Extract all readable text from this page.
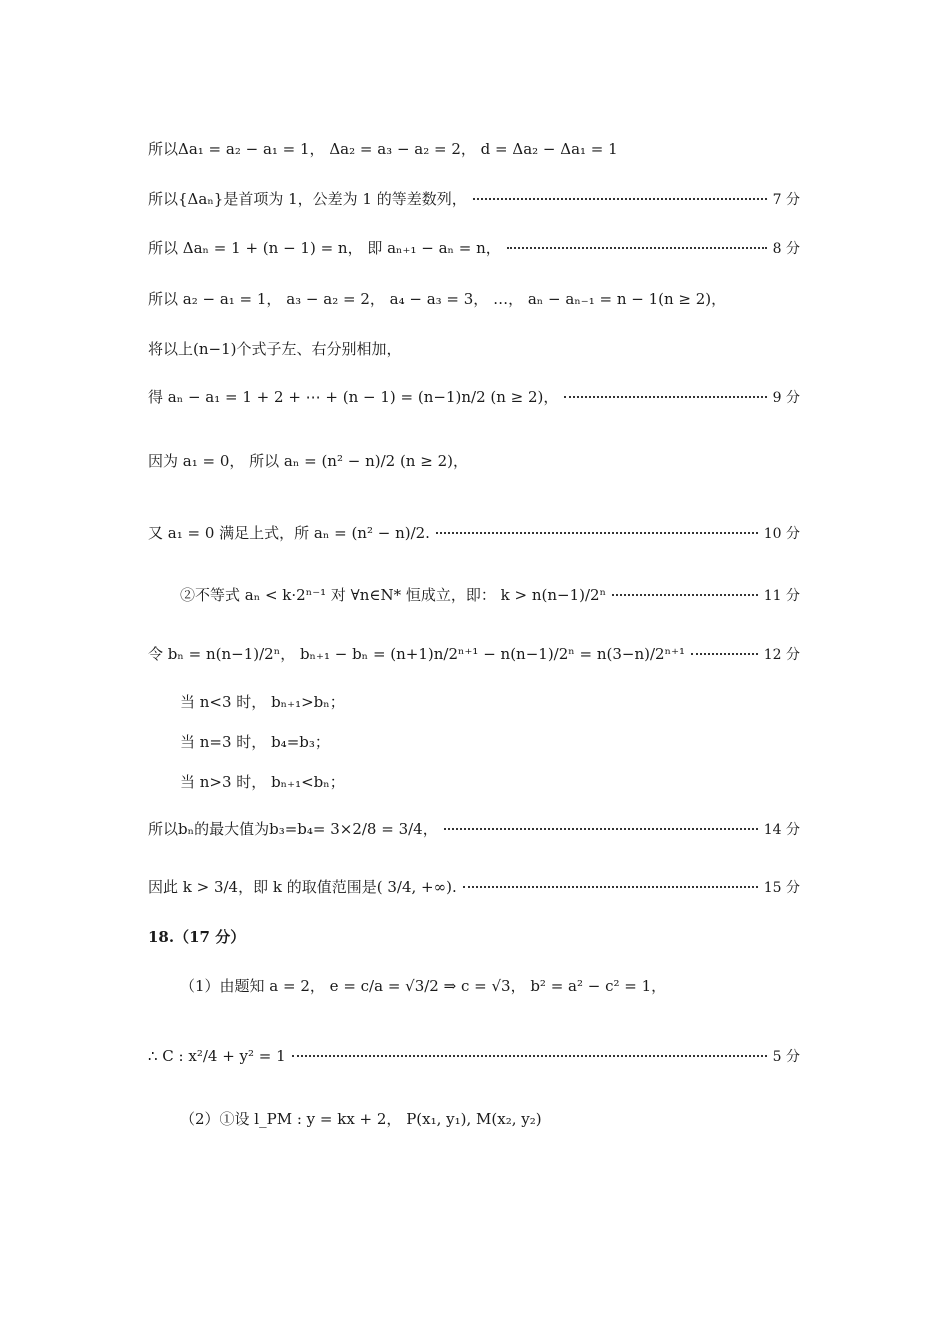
所以Δa₁ = a₂ − a₁ = 1， Δa₂ = a₃ − a₂ = 2， d = Δa₂ − Δa₁ = 1
所以{Δaₙ}是首项为 1，公差为 1 的等差数列，	7 分
所以 Δaₙ = 1 + (n − 1) = n， 即 aₙ₊₁ − aₙ = n，	8 分
所以 a₂ − a₁ = 1， a₃ − a₂ = 2， a₄ − a₃ = 3， …， aₙ − aₙ₋₁ = n − 1(n ≥ 2)，
将以上(n−1)个式子左、右分别相加，
得 aₙ − a₁ = 1 + 2 + ⋯ + (n − 1) = (n−1)n/2 (n ≥ 2)，	9 分
因为 a₁ = 0， 所以 aₙ = (n² − n)/2 (n ≥ 2)，
又 a₁ = 0 满足上式，所 aₙ = (n² − n)/2.	10 分
②不等式 aₙ < k·2ⁿ⁻¹ 对 ∀n∈N* 恒成立，即： k > n(n−1)/2ⁿ	11 分
令 bₙ = n(n−1)/2ⁿ， bₙ₊₁ − bₙ = (n+1)n/2ⁿ⁺¹ − n(n−1)/2ⁿ = n(3−n)/2ⁿ⁺¹	12 分
当 n<3 时， bₙ₊₁>bₙ；
当 n=3 时， b₄=b₃；
当 n>3 时， bₙ₊₁<bₙ；
所以bₙ的最大值为b₃=b₄= 3×2/8 = 3/4，	14 分
因此 k > 3/4，即 k 的取值范围是( 3/4, +∞).	15 分
18.（17 分）
（1）由题知 a = 2， e = c/a = √3/2 ⇒ c = √3， b² = a² − c² = 1，
∴ C : x²/4 + y² = 1	5 分
（2）①设 l_PM : y = kx + 2， P(x₁, y₁), M(x₂, y₂)
